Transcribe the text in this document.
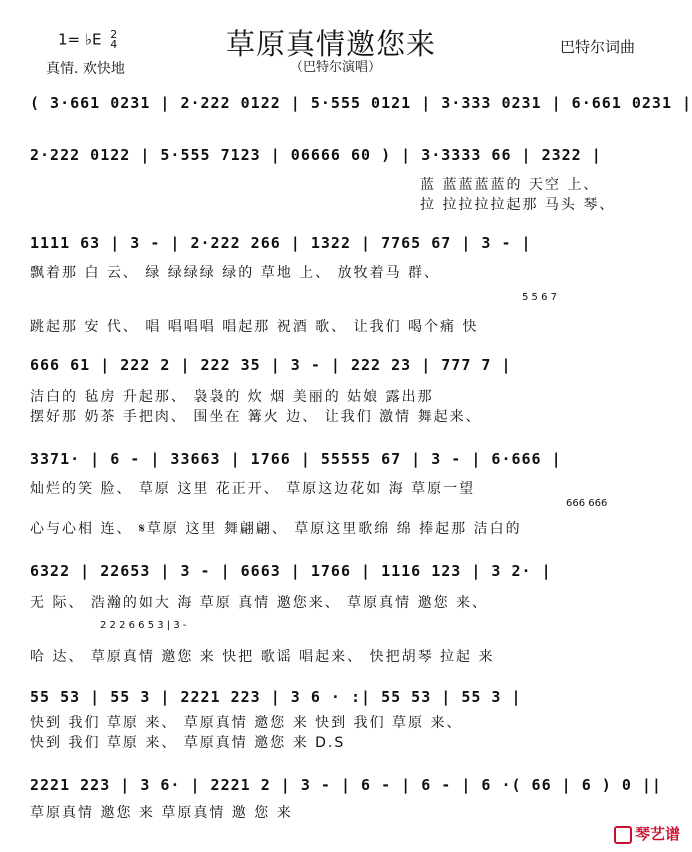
1= ♭E 2
4
真情. 欢快地
草原真情邀您来
（巴特尔演唱）
巴特尔词曲
( 3·661 0231 | 2·222 0122 | 5·555 0121 | 3·333 0231 | 6·661 0231 |
2·222 0122 | 5·555 7123 | 06666 60 ) | 3·3333 66 | 2322 |
蓝 蓝蓝蓝蓝的 天空 上、
拉 拉拉拉拉起那 马头 琴、
1111 63 | 3 - | 2·222 266 | 1322 | 7765 67 | 3 - |
飘着那 白 云、 绿 绿绿绿 绿的 草地 上、 放牧着马 群、
5 5 6 7
跳起那 安 代、 唱 唱唱唱 唱起那 祝酒 歌、 让我们 喝个痛 快
666 61 | 222 2 | 222 35 | 3 - | 222 23 | 777 7 |
洁白的 毡房 升起那、 袅袅的 炊 烟 美丽的 姑娘 露出那
摆好那 奶茶 手把肉、 围坐在 篝火 边、 让我们 激情 舞起来、
3371· | 6 - | 33663 | 1766 | 55555 67 | 3 - | 6·666 |
灿烂的笑 脸、 草原 这里 花正开、 草原这边花如 海 草原一望
666 666
心与心相 连、 𝄋草原 这里 舞翩翩、 草原这里歌绵 绵 捧起那 洁白的
6322 | 22653 | 3 - | 6663 | 1766 | 1116 123 | 3 2· |
无 际、 浩瀚的如大 海 草原 真情 邀您来、 草原真情 邀您 来、
2 2 2 6 6 5 3 | 3 -
哈 达、 草原真情 邀您 来 快把 歌谣 唱起来、 快把胡琴 拉起 来
55 53 | 55 3 | 2221 223 | 3 6 · :| 55 53 | 55 3 |
快到 我们 草原 来、 草原真情 邀您 来 快到 我们 草原 来、
快到 我们 草原 来、 草原真情 邀您 来 D.S
2221 223 | 3 6· | 2221 2 | 3 - | 6 - | 6 - | 6 ·( 66 | 6 ) 0 ||
草原真情 邀您 来 草原真情 邀 您 来
琴艺谱
